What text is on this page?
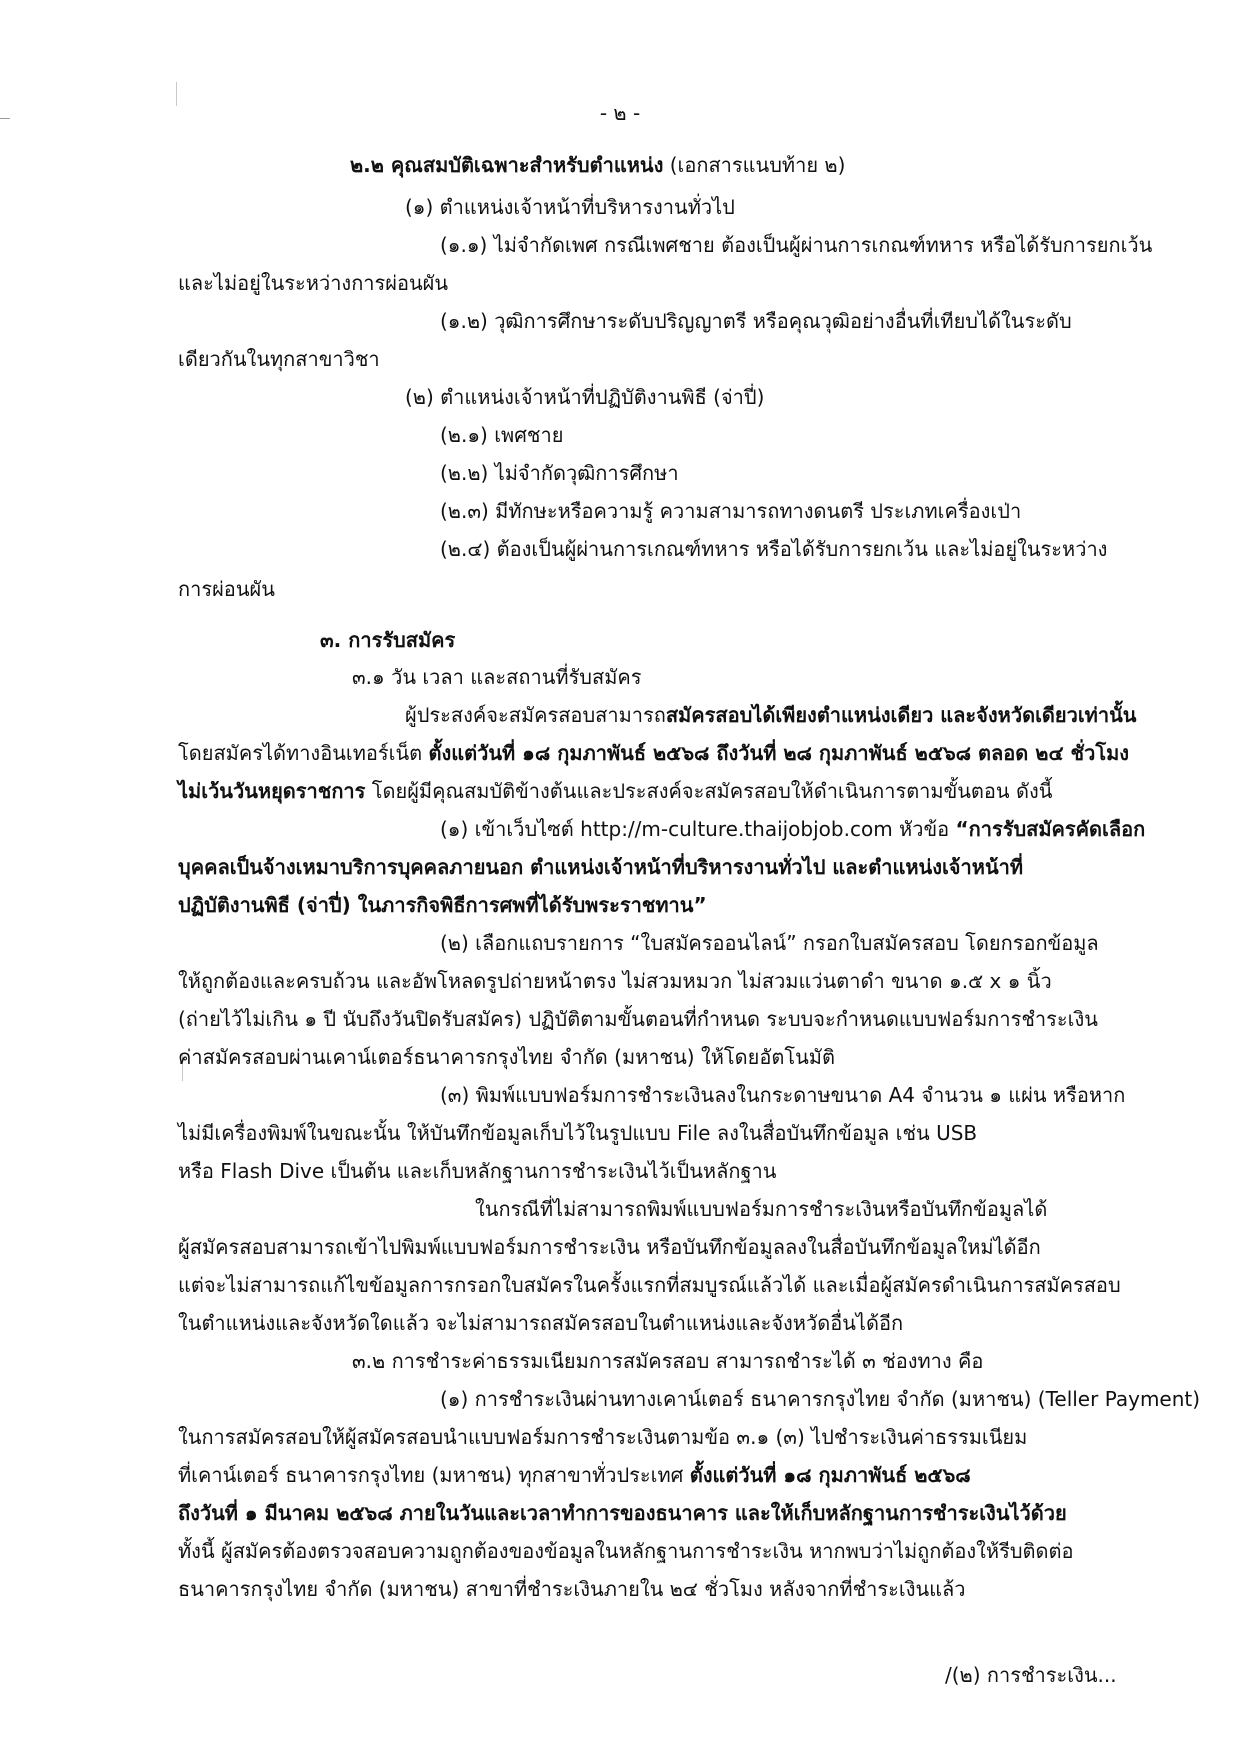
- ๒ -
๒.๒ คุณสมบัติเฉพาะสำหรับตำแหน่ง (เอกสารแนบท้าย ๒)
(๑) ตำแหน่งเจ้าหน้าที่บริหารงานทั่วไป
(๑.๑) ไม่จำกัดเพศ กรณีเพศชาย ต้องเป็นผู้ผ่านการเกณฑ์ทหาร หรือได้รับการยกเว้น
และไม่อยู่ในระหว่างการผ่อนผัน
(๑.๒) วุฒิการศึกษาระดับปริญญาตรี หรือคุณวุฒิอย่างอื่นที่เทียบได้ในระดับ
เดียวกันในทุกสาขาวิชา
(๒) ตำแหน่งเจ้าหน้าที่ปฏิบัติงานพิธี (จ่าปี่)
(๒.๑) เพศชาย
(๒.๒) ไม่จำกัดวุฒิการศึกษา
(๒.๓) มีทักษะหรือความรู้ ความสามารถทางดนตรี ประเภทเครื่องเป่า
(๒.๔) ต้องเป็นผู้ผ่านการเกณฑ์ทหาร หรือได้รับการยกเว้น และไม่อยู่ในระหว่าง
การผ่อนผัน
๓. การรับสมัคร
๓.๑ วัน เวลา และสถานที่รับสมัคร
ผู้ประสงค์จะสมัครสอบสามารถสมัครสอบได้เพียงตำแหน่งเดียว และจังหวัดเดียวเท่านั้น
โดยสมัครได้ทางอินเทอร์เน็ต ตั้งแต่วันที่ ๑๘ กุมภาพันธ์ ๒๕๖๘ ถึงวันที่ ๒๘ กุมภาพันธ์ ๒๕๖๘ ตลอด ๒๔ ชั่วโมง
ไม่เว้นวันหยุดราชการ โดยผู้มีคุณสมบัติข้างต้นและประสงค์จะสมัครสอบให้ดำเนินการตามขั้นตอน ดังนี้
(๑) เข้าเว็บไซต์ http://m-culture.thaijobjob.com หัวข้อ “การรับสมัครคัดเลือก
บุคคลเป็นจ้างเหมาบริการบุคคลภายนอก ตำแหน่งเจ้าหน้าที่บริหารงานทั่วไป และตำแหน่งเจ้าหน้าที่
ปฏิบัติงานพิธี (จ่าปี่) ในภารกิจพิธีการศพที่ได้รับพระราชทาน”
(๒) เลือกแถบรายการ “ใบสมัครออนไลน์” กรอกใบสมัครสอบ โดยกรอกข้อมูล
ให้ถูกต้องและครบถ้วน และอัพโหลดรูปถ่ายหน้าตรง ไม่สวมหมวก ไม่สวมแว่นตาดำ ขนาด ๑.๕ x ๑ นิ้ว
(ถ่ายไว้ไม่เกิน ๑ ปี นับถึงวันปิดรับสมัคร) ปฏิบัติตามขั้นตอนที่กำหนด ระบบจะกำหนดแบบฟอร์มการชำระเงิน
ค่าสมัครสอบผ่านเคาน์เตอร์ธนาคารกรุงไทย จำกัด (มหาชน) ให้โดยอัตโนมัติ
(๓) พิมพ์แบบฟอร์มการชำระเงินลงในกระดาษขนาด A4 จำนวน ๑ แผ่น หรือหาก
ไม่มีเครื่องพิมพ์ในขณะนั้น ให้บันทึกข้อมูลเก็บไว้ในรูปแบบ File ลงในสื่อบันทึกข้อมูล เช่น USB
หรือ Flash Dive เป็นต้น และเก็บหลักฐานการชำระเงินไว้เป็นหลักฐาน
ในกรณีที่ไม่สามารถพิมพ์แบบฟอร์มการชำระเงินหรือบันทึกข้อมูลได้
ผู้สมัครสอบสามารถเข้าไปพิมพ์แบบฟอร์มการชำระเงิน หรือบันทึกข้อมูลลงในสื่อบันทึกข้อมูลใหม่ได้อีก
แต่จะไม่สามารถแก้ไขข้อมูลการกรอกใบสมัครในครั้งแรกที่สมบูรณ์แล้วได้ และเมื่อผู้สมัครดำเนินการสมัครสอบ
ในตำแหน่งและจังหวัดใดแล้ว จะไม่สามารถสมัครสอบในตำแหน่งและจังหวัดอื่นได้อีก
๓.๒ การชำระค่าธรรมเนียมการสมัครสอบ สามารถชำระได้ ๓ ช่องทาง คือ
(๑) การชำระเงินผ่านทางเคาน์เตอร์ ธนาคารกรุงไทย จำกัด (มหาชน) (Teller Payment)
ในการสมัครสอบให้ผู้สมัครสอบนำแบบฟอร์มการชำระเงินตามข้อ ๓.๑ (๓) ไปชำระเงินค่าธรรมเนียม
ที่เคาน์เตอร์ ธนาคารกรุงไทย (มหาชน) ทุกสาขาทั่วประเทศ ตั้งแต่วันที่ ๑๘ กุมภาพันธ์ ๒๕๖๘
ถึงวันที่ ๑ มีนาคม ๒๕๖๘ ภายในวันและเวลาทำการของธนาคาร และให้เก็บหลักฐานการชำระเงินไว้ด้วย
ทั้งนี้ ผู้สมัครต้องตรวจสอบความถูกต้องของข้อมูลในหลักฐานการชำระเงิน หากพบว่าไม่ถูกต้องให้รีบติดต่อ
ธนาคารกรุงไทย จำกัด (มหาชน) สาขาที่ชำระเงินภายใน ๒๔ ชั่วโมง หลังจากที่ชำระเงินแล้ว
/(๒) การชำระเงิน...
